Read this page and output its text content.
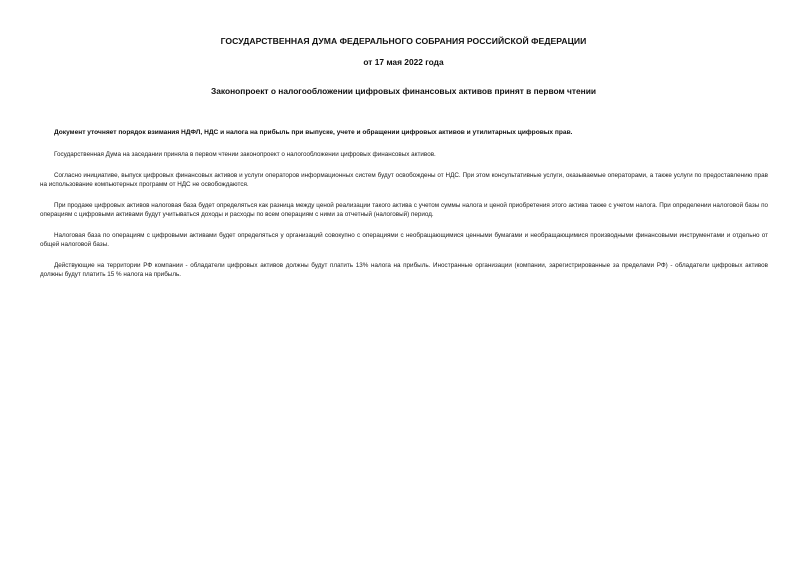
ГОСУДАРСТВЕННАЯ ДУМА ФЕДЕРАЛЬНОГО СОБРАНИЯ РОССИЙСКОЙ ФЕДЕРАЦИИ
от 17 мая 2022 года
Законопроект о налогообложении цифровых финансовых активов принят в первом чтении

Документ уточняет порядок взимания НДФЛ, НДС и налога на прибыль при выпуске, учете и обращении цифровых активов и утилитарных цифровых прав.

Государственная Дума на заседании приняла в первом чтении законопроект о налогообложении цифровых финансовых активов.

Согласно инициативе, выпуск цифровых финансовых активов и услуги операторов информационных систем будут освобождены от НДС. При этом консультативные услуги, оказываемые операторами, а также услуги по предоставлению прав на использование компьютерных программ от НДС не освобождаются.

При продаже цифровых активов налоговая база будет определяться как разница между ценой реализации такого актива с учетом суммы налога и ценой приобретения этого актива также с учетом налога. При определении налоговой базы по операциям с цифровыми активами будут учитываться доходы и расходы по всем операциям с ними за отчетный (налоговый) период.

Налоговая база по операциям с цифровыми активами будет определяться у организаций совокупно с операциями с необращающимися ценными бумагами и необращающимися производными финансовыми инструментами и отдельно от общей налоговой базы.

Действующие на территории РФ компании - обладатели цифровых активов должны будут платить 13% налога на прибыль. Иностранные организации (компании, зарегистрированные за пределами РФ) - обладатели цифровых активов должны будут платить 15 % налога на прибыль.
